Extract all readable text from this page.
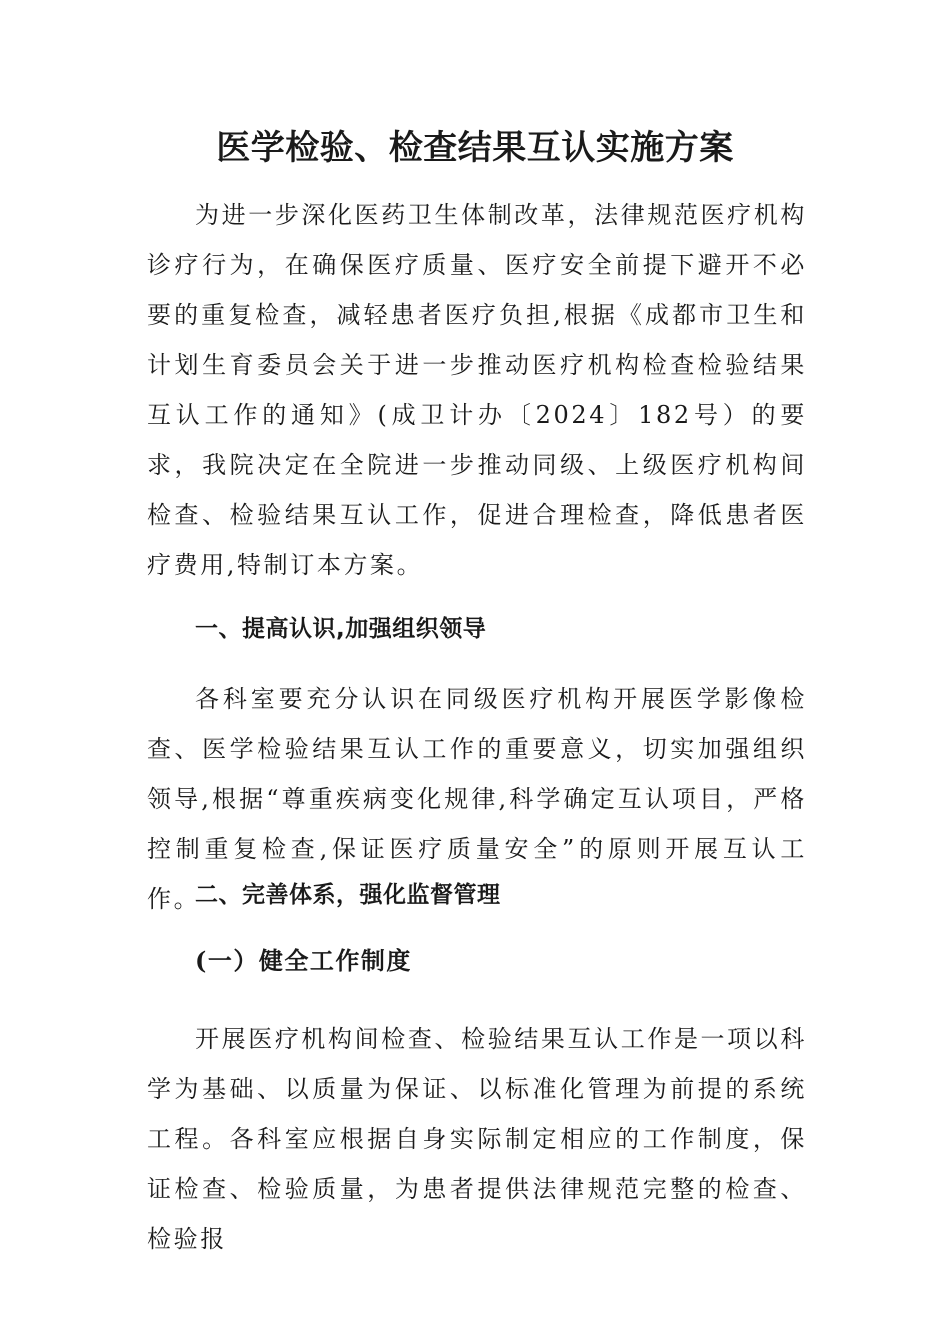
医学检验、检查结果互认实施方案

为进一步深化医药卫生体制改革，法律规范医疗机构诊疗行为，在确保医疗质量、医疗安全前提下避开不必要的重复检查，减轻患者医疗负担,根据《成都市卫生和计划生育委员会关于进一步推动医疗机构检查检验结果互认工作的通知》(成卫计办〔2024〕182号）的要求，我院决定在全院进一步推动同级、上级医疗机构间检查、检验结果互认工作，促进合理检查，降低患者医疗费用,特制订本方案。

一、提高认识,加强组织领导

各科室要充分认识在同级医疗机构开展医学影像检查、医学检验结果互认工作的重要意义，切实加强组织领导,根据“尊重疾病变化规律,科学确定互认项目，严格控制重复检查,保证医疗质量安全”的原则开展互认工作。

二、完善体系，强化监督管理
(一）健全工作制度

开展医疗机构间检查、检验结果互认工作是一项以科学为基础、以质量为保证、以标准化管理为前提的系统工程。各科室应根据自身实际制定相应的工作制度，保证检查、检验质量，为患者提供法律规范完整的检查、检验报
